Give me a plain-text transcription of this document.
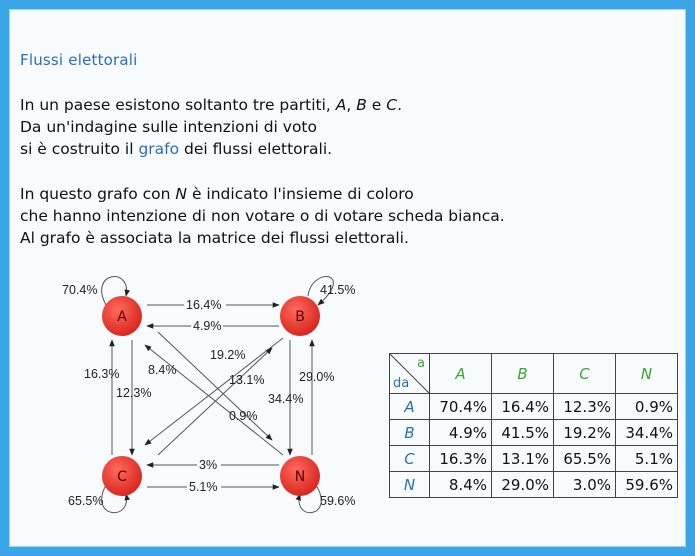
Flussi elettorali
In un paese esistono soltanto tre partiti, A, B e C.
Da un'indagine sulle intenzioni di voto
si è costruito il grafo dei flussi elettorali.
In questo grafo con N è indicato l'insieme di coloro
che hanno intenzione di non votare o di votare scheda bianca.
Al grafo è associata la matrice dei flussi elettorali.
70.4%	41.5%
65.5%	59.6%
16.4%
4.9%
3%
5.1%
16.3%
12.3%
8.4%
19.2%
13.1%	29.0%
34.4%
0.9%
A	B
C	N
a
da	A	B	C	N
A	70.4%	16.4%	12.3%	0.9%
B	4.9%	41.5%	19.2%	34.4%
C	16.3%	13.1%	65.5%	5.1%
N	8.4%	29.0%	3.0%	59.6%
